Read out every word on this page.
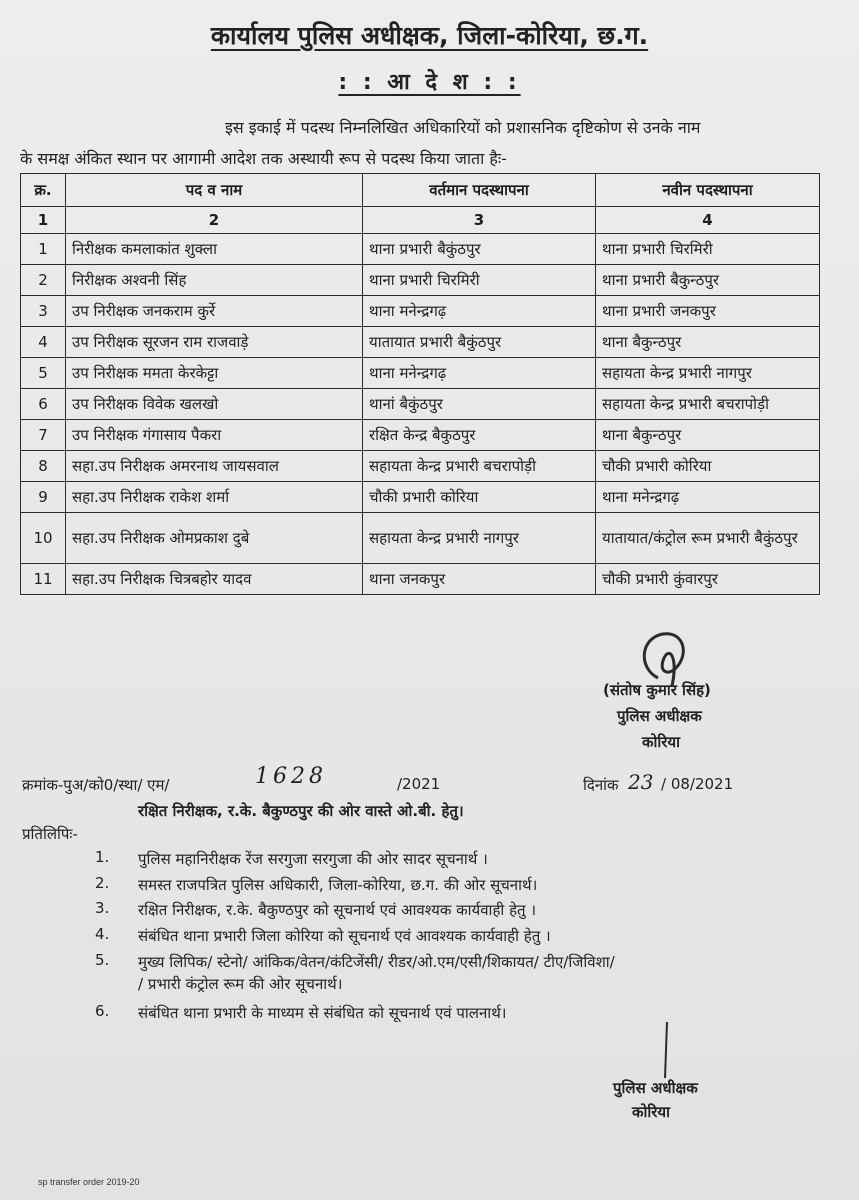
कार्यालय पुलिस अधीक्षक, जिला-कोरिया, छ.ग.
: : आ दे श : :
इस इकाई में पदस्थ निम्नलिखित अधिकारियों को प्रशासनिक दृष्टिकोण से उनके नाम
के समक्ष अंकित स्थान पर आगामी आदेश तक अस्थायी रूप से पदस्थ किया जाता हैः-
क्र.	पद व नाम	वर्तमान पदस्थापना	नवीन पदस्थापना
1	2	3	4
1	निरीक्षक कमलाकांत शुक्ला	थाना प्रभारी बैकुंठपुर	थाना प्रभारी चिरमिरी
2	निरीक्षक अश्वनी सिंह	थाना प्रभारी चिरमिरी	थाना प्रभारी बैकुन्ठपुर
3	उप निरीक्षक जनकराम कुर्रे	थाना मनेन्द्रगढ़	थाना प्रभारी जनकपुर
4	उप निरीक्षक सूरजन राम राजवाड़े	यातायात प्रभारी बैकुंठपुर	थाना बैकुन्ठपुर
5	उप निरीक्षक ममता केरकेट्टा	थाना मनेन्द्रगढ़	सहायता केन्द्र प्रभारी नागपुर
6	उप निरीक्षक विवेक खलखो	थानां बैकुंठपुर	सहायता केन्द्र प्रभारी बचरापोड़ी
7	उप निरीक्षक गंगासाय पैकरा	रक्षित केन्द्र बैकुठपुर	थाना बैकुन्ठपुर
8	सहा.उप निरीक्षक अमरनाथ जायसवाल	सहायता केन्द्र प्रभारी बचरापोड़ी	चौकी प्रभारी कोरिया
9	सहा.उप निरीक्षक राकेश शर्मा	चौकी प्रभारी कोरिया	थाना मनेन्द्रगढ़
10	सहा.उप निरीक्षक ओमप्रकाश दुबे	सहायता केन्द्र प्रभारी नागपुर	यातायात/कंट्रोल रूम प्रभारी बैकुंठपुर
11	सहा.उप निरीक्षक चित्रबहोर यादव	थाना जनकपुर	चौकी प्रभारी कुंवारपुर
(संतोष कुमार सिंह)
पुलिस अधीक्षक
कोरिया
क्रमांक-पुअ/को0/स्था/ एम/	1628	/2021	दिनांक 23 / 08/2021
रक्षित निरीक्षक, र.के. बैकुण्ठपुर की ओर वास्ते ओ.बी. हेतु।
प्रतिलिपिः-
1. पुलिस महानिरीक्षक रेंज सरगुजा सरगुजा की ओर सादर सूचनार्थ ।
2. समस्त राजपत्रित पुलिस अधिकारी, जिला-कोरिया, छ.ग. की ओर सूचनार्थ।
3. रक्षित निरीक्षक, र.के. बैकुण्ठपुर को सूचनार्थ एवं आवश्यक कार्यवाही हेतु ।
4. संबंधित थाना प्रभारी जिला कोरिया को सूचनार्थ एवं आवश्यक कार्यवाही हेतु ।
5. मुख्य लिपिक/ स्टेनो/ आंकिक/वेतन/कंटिजेंसी/ रीडर/ओ.एम/एसी/शिकायत/ टीए/जिविशा/
/ प्रभारी कंट्रोल रूम की ओर सूचनार्थ।
6. संबंधित थाना प्रभारी के माध्यम से संबंधित को सूचनार्थ एवं पालनार्थ।
पुलिस अधीक्षक
कोरिया
sp transfer order 2019-20
